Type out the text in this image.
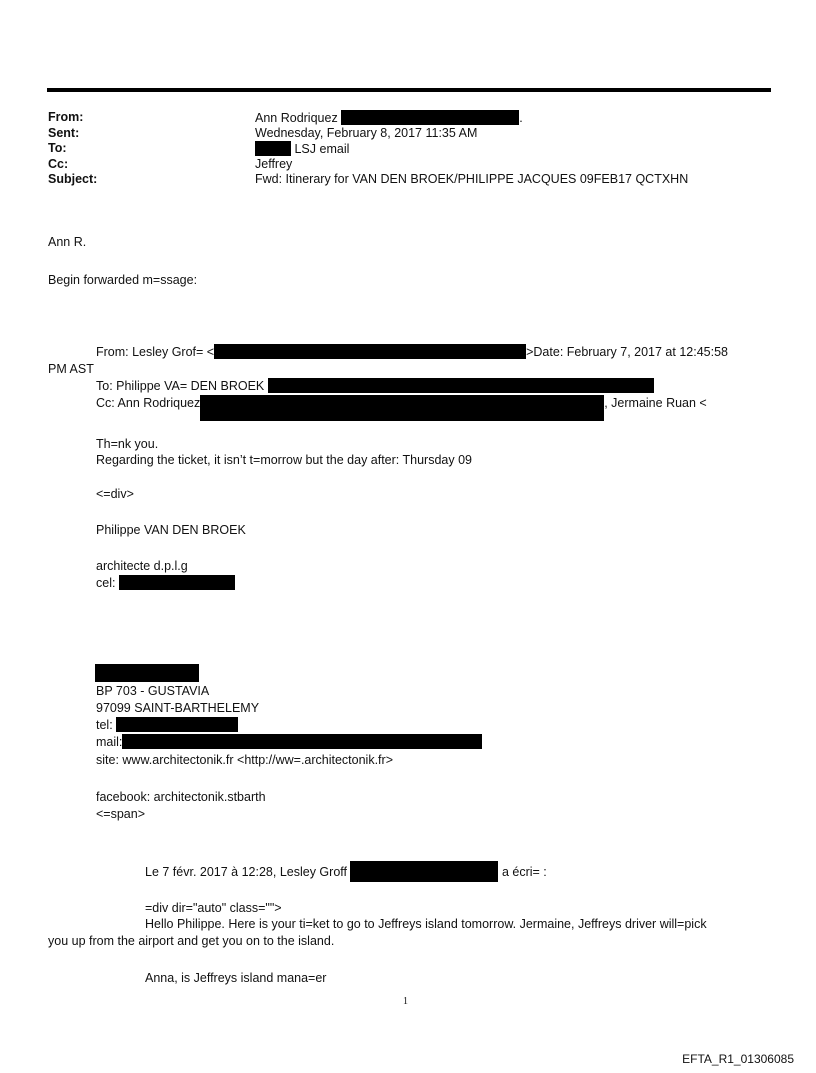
From:	Ann Rodriquez	.
Sent:	Wednesday, February 8, 2017 11:35 AM
To:	LSJ email
Cc:	Jeffrey
Subject:	Fwd: Itinerary for VAN DEN BROEK/PHILIPPE JACQUES 09FEB17 QCTXHN
Ann R.
Begin forwarded m=ssage:
From: Lesley Grof= <	>Date: February 7, 2017 at 12:45:58
PM AST
To: Philippe VA= DEN BROEK
Cc: Ann Rodriquez	, Jermaine Ruan <
Th=nk you.
Regarding the ticket, it isn’t t=morrow but the day after: Thursday 09
<=div>
Philippe VAN DEN BROEK
architecte d.p.l.g
cel:
BP 703 - GUSTAVIA
97099 SAINT-BARTHELEMY
tel:
mail:
site: www.architectonik.fr <http://ww=.architectonik.fr>
facebook: architectonik.stbarth
<=span>
Le 7 févr. 2017 à 12:28, Lesley Groff	a écri= :
=div dir="auto" class="">
Hello Philippe. Here is your ti=ket to go to Jeffreys island tomorrow. Jermaine, Jeffreys driver will=pick
you up from the airport and get you on to the island.
Anna, is Jeffreys island mana=er
1
EFTA_R1_01306085
